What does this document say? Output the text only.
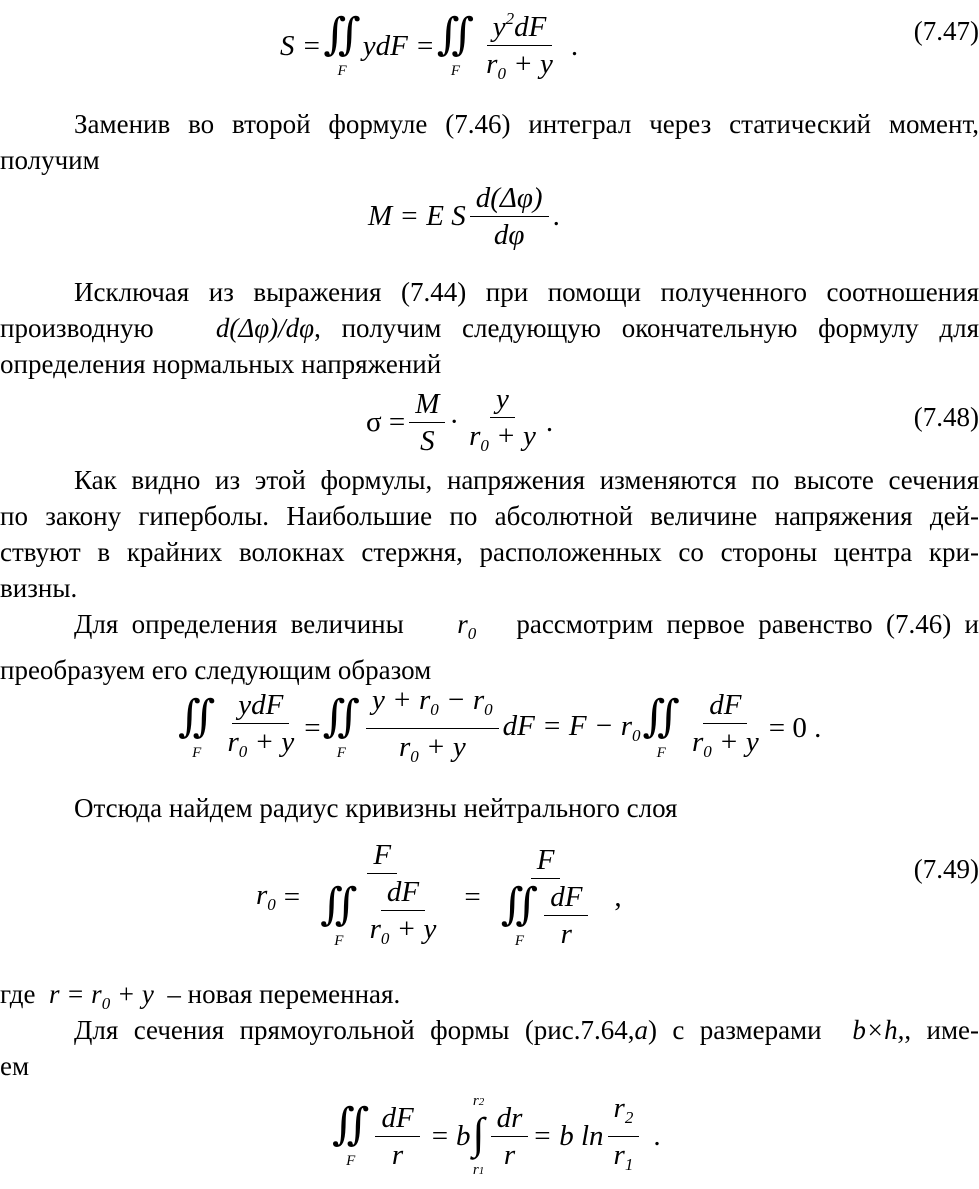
S = ∬
F
ydF = ∬
F $\frac{y^2dF}{r_0 + y}$ .	(7.47)
Заменив во второй формуле (7.46) интеграл через статический момент,
получим
M = E S $\frac{d(\Delta\varphi)}{d\varphi}$ .
Исключая из выражения (7.44) при помощи полученного соотношения
производную d(Δφ)/dφ, получим следующую окончательную формулу для
определения нормальных напряжений
$\sigma = \frac{M}{S} \cdot \frac{y}{r_0 + y}$ .	(7.48)
Как видно из этой формулы, напряжения изменяются по высоте сечения
по закону гиперболы. Наибольшие по абсолютной величине напряжения дей-
ствуют в крайних волокнах стержня, расположенных со стороны центра кри-
визны.
Для определения величины $r_0$ рассмотрим первое равенство (7.46) и
преобразуем его следующим образом
∬
F $\frac{\text{ydF}}{r_0 + y}$ = ∬
F $\frac{y + r_0 - r_0}{r_0 + y}$ dF = $F - r_0$ ∬
F $\frac{dF}{r_0 + y} = 0$ .
Отсюда найдем радиус кривизны нейтрального слоя
$r_0 = F$
∬
F $\frac{dF}{r_0 + y} = F$
∬
F $\frac{dF}{r}$ ,
(7.49)
где $r = r_0 + y$ – новая переменная.
Для сечения прямоугольной формы (рис.7.64,а) с размерами b×h,, име-
ем
∬
F $\frac{dF}{r} = b$
r2
∫
r1
$\frac{dr}{r} = b$ $\ln \frac{r_2}{r_1}$ .
